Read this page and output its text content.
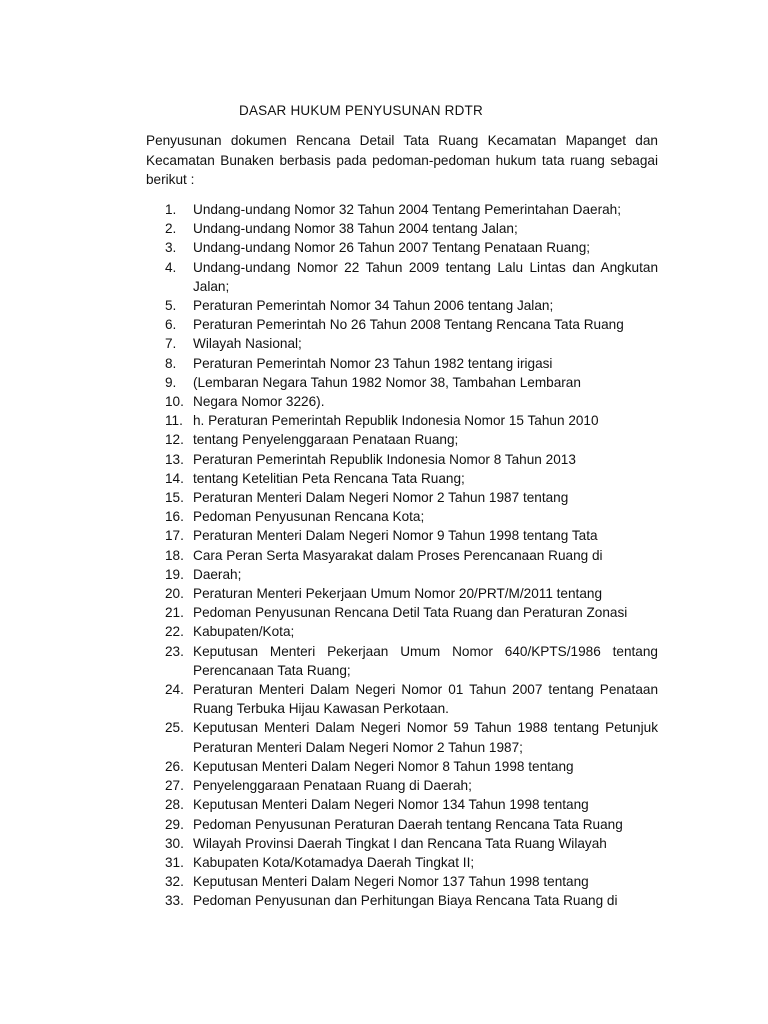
DASAR HUKUM PENYUSUNAN RDTR

Penyusunan dokumen Rencana Detail Tata Ruang Kecamatan Mapanget dan Kecamatan Bunaken berbasis pada pedoman-pedoman hukum tata ruang sebagai berikut :

1.	Undang-undang Nomor 32 Tahun 2004 Tentang Pemerintahan Daerah;
2.	Undang-undang Nomor 38 Tahun 2004 tentang Jalan;
3.	Undang-undang Nomor 26 Tahun 2007 Tentang Penataan Ruang;
4.	Undang-undang Nomor 22 Tahun 2009 tentang Lalu Lintas dan Angkutan Jalan;
5.	Peraturan Pemerintah Nomor 34 Tahun 2006 tentang Jalan;
6.	Peraturan Pemerintah No 26 Tahun 2008 Tentang Rencana Tata Ruang
7.	Wilayah Nasional;
8.	Peraturan Pemerintah Nomor 23 Tahun 1982 tentang irigasi
9.	(Lembaran Negara Tahun 1982 Nomor 38, Tambahan Lembaran
10. Negara Nomor 3226).
11. h. Peraturan Pemerintah Republik Indonesia Nomor 15 Tahun 2010
12. tentang Penyelenggaraan Penataan Ruang;
13. Peraturan Pemerintah Republik Indonesia Nomor 8 Tahun 2013
14. tentang Ketelitian Peta Rencana Tata Ruang;
15. Peraturan Menteri Dalam Negeri Nomor 2 Tahun 1987 tentang
16. Pedoman Penyusunan Rencana Kota;
17. Peraturan Menteri Dalam Negeri Nomor 9 Tahun 1998 tentang Tata
18. Cara Peran Serta Masyarakat dalam Proses Perencanaan Ruang di
19. Daerah;
20. Peraturan Menteri Pekerjaan Umum Nomor 20/PRT/M/2011 tentang
21. Pedoman Penyusunan Rencana Detil Tata Ruang dan Peraturan Zonasi
22. Kabupaten/Kota;
23. Keputusan Menteri Pekerjaan Umum Nomor 640/KPTS/1986 tentang Perencanaan Tata Ruang;
24. Peraturan Menteri Dalam Negeri Nomor 01 Tahun 2007 tentang Penataan Ruang Terbuka Hijau Kawasan Perkotaan.
25. Keputusan Menteri Dalam Negeri Nomor 59 Tahun 1988 tentang Petunjuk Peraturan Menteri Dalam Negeri Nomor 2 Tahun 1987;
26. Keputusan Menteri Dalam Negeri Nomor 8 Tahun 1998 tentang
27. Penyelenggaraan Penataan Ruang di Daerah;
28. Keputusan Menteri Dalam Negeri Nomor 134 Tahun 1998 tentang
29. Pedoman Penyusunan Peraturan Daerah tentang Rencana Tata Ruang
30. Wilayah Provinsi Daerah Tingkat I dan Rencana Tata Ruang Wilayah
31. Kabupaten Kota/Kotamadya Daerah Tingkat II;
32. Keputusan Menteri Dalam Negeri Nomor 137 Tahun 1998 tentang
33. Pedoman Penyusunan dan Perhitungan Biaya Rencana Tata Ruang di
